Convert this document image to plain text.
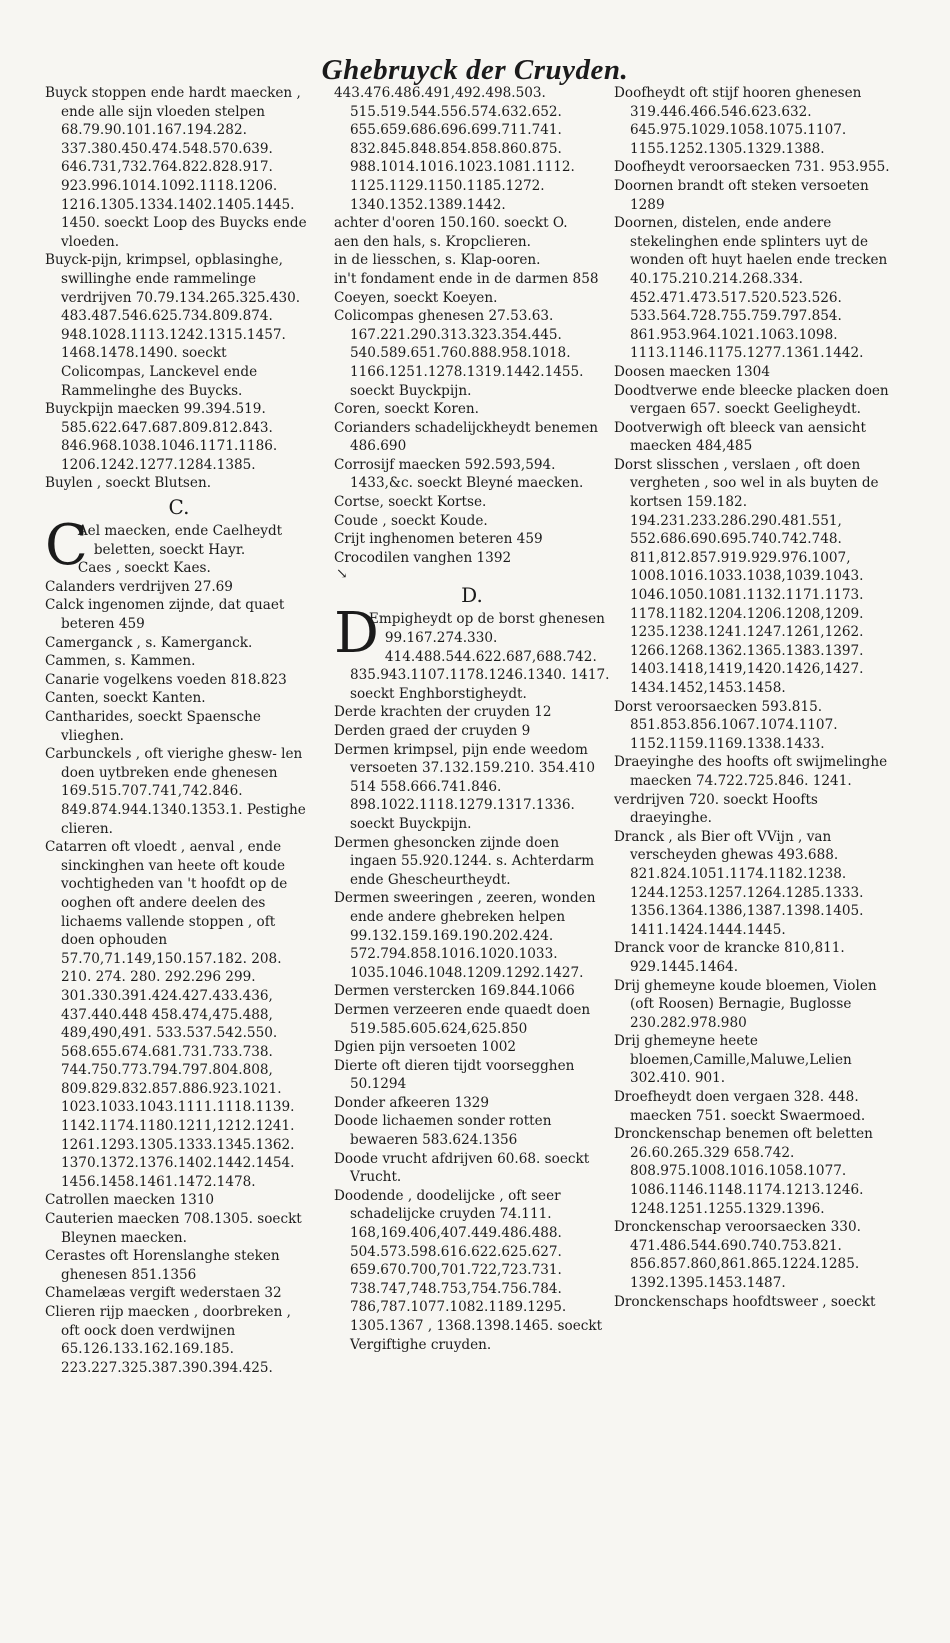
Ghebruyck der Cruyden.

Buyck stoppen ende hardt maecken , ende alle sijn vloeden stelpen 68.79.90.101.167.194.282. 337.380.450.474.548.570.639. 646.731,732.764.822.828.917. 923.996.1014.1092.1118.1206. 1216.1305.1334.1402.1405.1445. 1450. soeckt Loop des Buycks ende vloeden.

Buyck-pijn, krimpsel, opblasinghe, swillinghe ende rammelinge verdrijven 70.79.134.265.325.430. 483.487.546.625.734.809.874. 948.1028.1113.1242.1315.1457. 1468.1478.1490. soeckt Colicompas, Lanckevel ende Rammelinghe des Buycks.

Buyckpijn maecken 99.394.519. 585.622.647.687.809.812.843. 846.968.1038.1046.1171.1186. 1206.1242.1277.1284.1385.

Buylen , soeckt Blutsen.

C.

C
Ael maecken, ende Caelheydt beletten, soeckt Hayr.

Caes , soeckt Kaes.

Calanders verdrijven 27.69

Calck ingenomen zijnde, dat quaet beteren 459

Camerganck , s. Kamerganck.

Cammen, s. Kammen.

Canarie vogelkens voeden 818.823

Canten, soeckt Kanten.

Cantharides, soeckt Spaensche vlieghen.

Carbunckels , oft vierighe ghesw- len doen uytbreken ende ghenesen 169.515.707.741,742.846. 849.874.944.1340.1353.1. Pestighe clieren.

Catarren oft vloedt , aenval , ende sinckinghen van heete oft koude vochtigheden van 't hoofdt op de ooghen oft andere deelen des lichaems vallende stoppen , oft doen ophouden 57.70,71.149,150.157.182. 208. 210. 274. 280. 292.296 299. 301.330.391.424.427.433.436, 437.440.448 458.474,475.488, 489,490,491. 533.537.542.550. 568.655.674.681.731.733.738. 744.750.773.794.797.804.808, 809.829.832.857.886.923.1021. 1023.1033.1043.1111.1118.1139. 1142.1174.1180.1211,1212.1241. 1261.1293.1305.1333.1345.1362. 1370.1372.1376.1402.1442.1454. 1456.1458.1461.1472.1478.

Catrollen maecken 1310

Cauterien maecken 708.1305. soeckt Bleynen maecken.

Cerastes oft Horenslanghe steken ghenesen 851.1356

Chamelæas vergift wederstaen 32

Clieren rijp maecken , doorbreken , oft oock doen verdwijnen 65.126.133.162.169.185. 223.227.325.387.390.394.425.

443.476.486.491,492.498.503. 515.519.544.556.574.632.652. 655.659.686.696.699.711.741. 832.845.848.854.858.860.875. 988.1014.1016.1023.1081.1112. 1125.1129.1150.1185.1272. 1340.1352.1389.1442.

achter d'ooren 150.160. soeckt O.

aen den hals, s. Kropclieren.

in de liesschen, s. Klap-ooren.

in't fondament ende in de darmen 858

Coeyen, soeckt Koeyen.

Colicompas ghenesen 27.53.63. 167.221.290.313.323.354.445. 540.589.651.760.888.958.1018. 1166.1251.1278.1319.1442.1455. soeckt Buyckpijn.

Coren, soeckt Koren.

Corianders schadelijckheydt benemen 486.690

Corrosijf maecken 592.593,594. 1433,&c. soeckt Bleyné maecken.

Cortse, soeckt Kortse.

Coude , soeckt Koude.

Crijt inghenomen beteren 459

Crocodilen vanghen 1392

↘

D.

D
Empigheydt op de borst ghenesen 99.167.274.330. 414.488.544.622.687,688.742. 835.943.1107.1178.1246.1340. 1417. soeckt Enghborstigheydt.

Derde krachten der cruyden 12

Derden graed der cruyden 9

Dermen krimpsel, pijn ende weedom versoeten 37.132.159.210. 354.410 514 558.666.741.846. 898.1022.1118.1279.1317.1336. soeckt Buyckpijn.

Dermen ghesoncken zijnde doen ingaen 55.920.1244. s. Achterdarm ende Ghescheurtheydt.

Dermen sweeringen , zeeren, wonden ende andere ghebreken helpen 99.132.159.169.190.202.424. 572.794.858.1016.1020.1033. 1035.1046.1048.1209.1292.1427.

Dermen verstercken 169.844.1066

Dermen verzeeren ende quaedt doen 519.585.605.624,625.850

Dgien pijn versoeten 1002

Dierte oft dieren tijdt voorsegghen 50.1294

Donder afkeeren 1329

Doode lichaemen sonder rotten bewaeren 583.624.1356

Doode vrucht afdrijven 60.68. soeckt Vrucht.

Doodende , doodelijcke , oft seer schadelijcke cruyden 74.111. 168,169.406,407.449.486.488. 504.573.598.616.622.625.627. 659.670.700,701.722,723.731. 738.747,748.753,754.756.784. 786,787.1077.1082.1189.1295. 1305.1367 , 1368.1398.1465. soeckt Vergiftighe cruyden.

Doofheydt oft stijf hooren ghenesen 319.446.466.546.623.632. 645.975.1029.1058.1075.1107. 1155.1252.1305.1329.1388.

Doofheydt veroorsaecken 731. 953.955.

Doornen brandt oft steken versoeten 1289

Doornen, distelen, ende andere stekelinghen ende splinters uyt de wonden oft huyt haelen ende trecken 40.175.210.214.268.334. 452.471.473.517.520.523.526. 533.564.728.755.759.797.854. 861.953.964.1021.1063.1098. 1113.1146.1175.1277.1361.1442.

Doosen maecken 1304

Doodtverwe ende bleecke placken doen vergaen 657. soeckt Geeligheydt.

Dootverwigh oft bleeck van aensicht maecken 484,485

Dorst slisschen , verslaen , oft doen vergheten , soo wel in als buyten de kortsen 159.182. 194.231.233.286.290.481.551, 552.686.690.695.740.742.748. 811,812.857.919.929.976.1007, 1008.1016.1033.1038,1039.1043. 1046.1050.1081.1132.1171.1173. 1178.1182.1204.1206.1208,1209. 1235.1238.1241.1247.1261,1262. 1266.1268.1362.1365.1383.1397. 1403.1418,1419,1420.1426,1427. 1434.1452,1453.1458.

Dorst veroorsaecken 593.815. 851.853.856.1067.1074.1107. 1152.1159.1169.1338.1433.

Draeyinghe des hoofts oft swijmelinghe maecken 74.722.725.846. 1241.

verdrijven 720. soeckt Hoofts draeyinghe.

Dranck , als Bier oft VVijn , van verscheyden ghewas 493.688. 821.824.1051.1174.1182.1238. 1244.1253.1257.1264.1285.1333. 1356.1364.1386,1387.1398.1405. 1411.1424.1444.1445.

Dranck voor de krancke 810,811. 929.1445.1464.

Drij ghemeyne koude bloemen, Violen (oft Roosen) Bernagie, Buglosse 230.282.978.980

Drij ghemeyne heete bloemen,Camille,Maluwe,Lelien 302.410. 901.

Droefheydt doen vergaen 328. 448. maecken 751. soeckt Swaermoed.

Dronckenschap benemen oft beletten 26.60.265.329 658.742. 808.975.1008.1016.1058.1077. 1086.1146.1148.1174.1213.1246. 1248.1251.1255.1329.1396.

Dronckenschap veroorsaecken 330. 471.486.544.690.740.753.821. 856.857.860,861.865.1224.1285. 1392.1395.1453.1487.

Dronckenschaps hoofdtsweer , soeckt
